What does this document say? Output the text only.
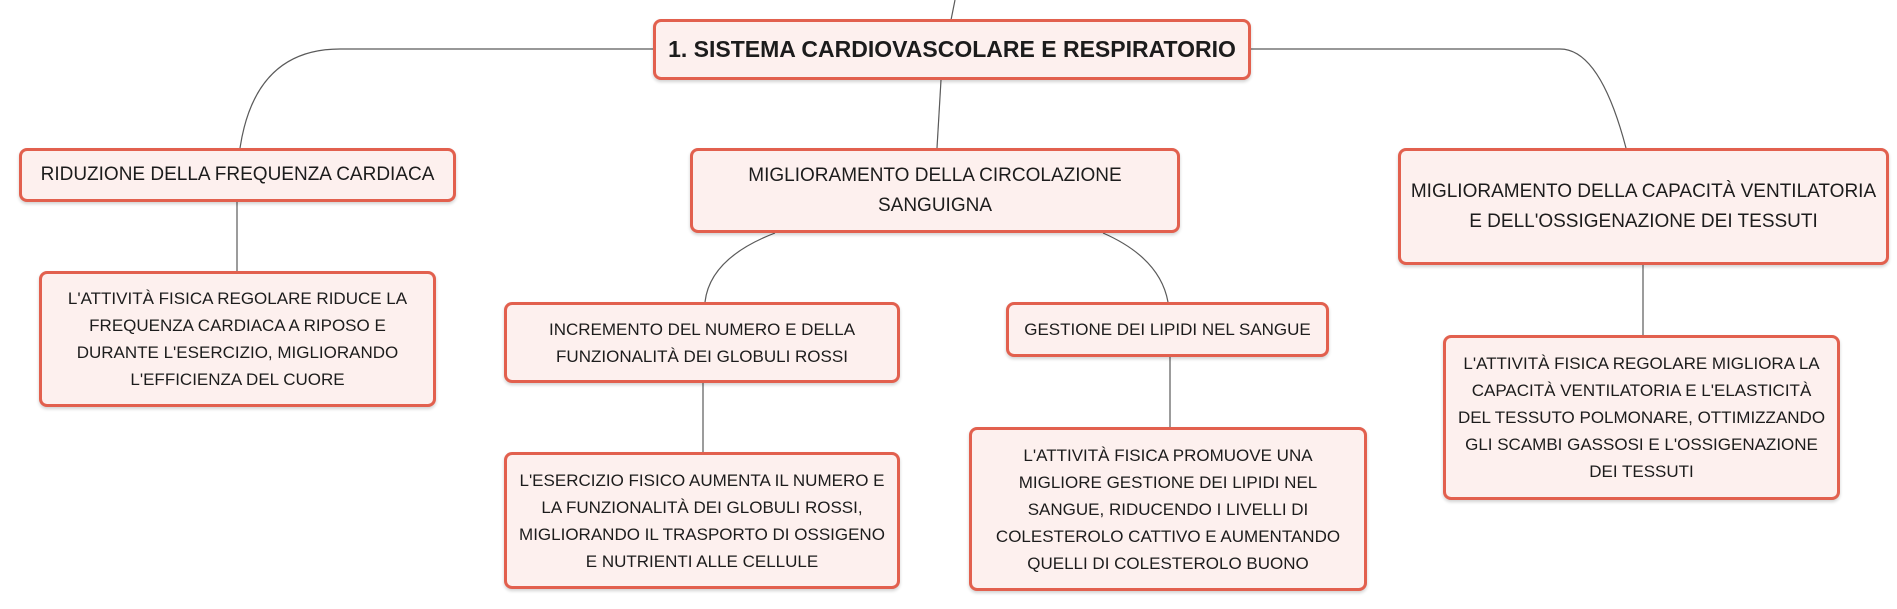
1. SISTEMA CARDIOVASCOLARE E RESPIRATORIO
RIDUZIONE DELLA FREQUENZA CARDIACA	MIGLIORAMENTO DELLA CIRCOLAZIONE SANGUIGNA
MIGLIORAMENTO DELLA CAPACITÀ VENTILATORIA E DELL'OSSIGENAZIONE DEI TESSUTI
L'ATTIVITÀ FISICA REGOLARE RIDUCE LA FREQUENZA CARDIACA A RIPOSO E DURANTE L'ESERCIZIO, MIGLIORANDO L'EFFICIENZA DEL CUORE
INCREMENTO DEL NUMERO E DELLA FUNZIONALITÀ DEI GLOBULI ROSSI
GESTIONE DEI LIPIDI NEL SANGUE
L'ESERCIZIO FISICO AUMENTA IL NUMERO E LA FUNZIONALITÀ DEI GLOBULI ROSSI, MIGLIORANDO IL TRASPORTO DI OSSIGENO E NUTRIENTI ALLE CELLULE
L'ATTIVITÀ FISICA PROMUOVE UNA MIGLIORE GESTIONE DEI LIPIDI NEL SANGUE, RIDUCENDO I LIVELLI DI COLESTEROLO CATTIVO E AUMENTANDO QUELLI DI COLESTEROLO BUONO
L'ATTIVITÀ FISICA REGOLARE MIGLIORA LA CAPACITÀ VENTILATORIA E L'ELASTICITÀ DEL TESSUTO POLMONARE, OTTIMIZZANDO GLI SCAMBI GASSOSI E L'OSSIGENAZIONE DEI TESSUTI
